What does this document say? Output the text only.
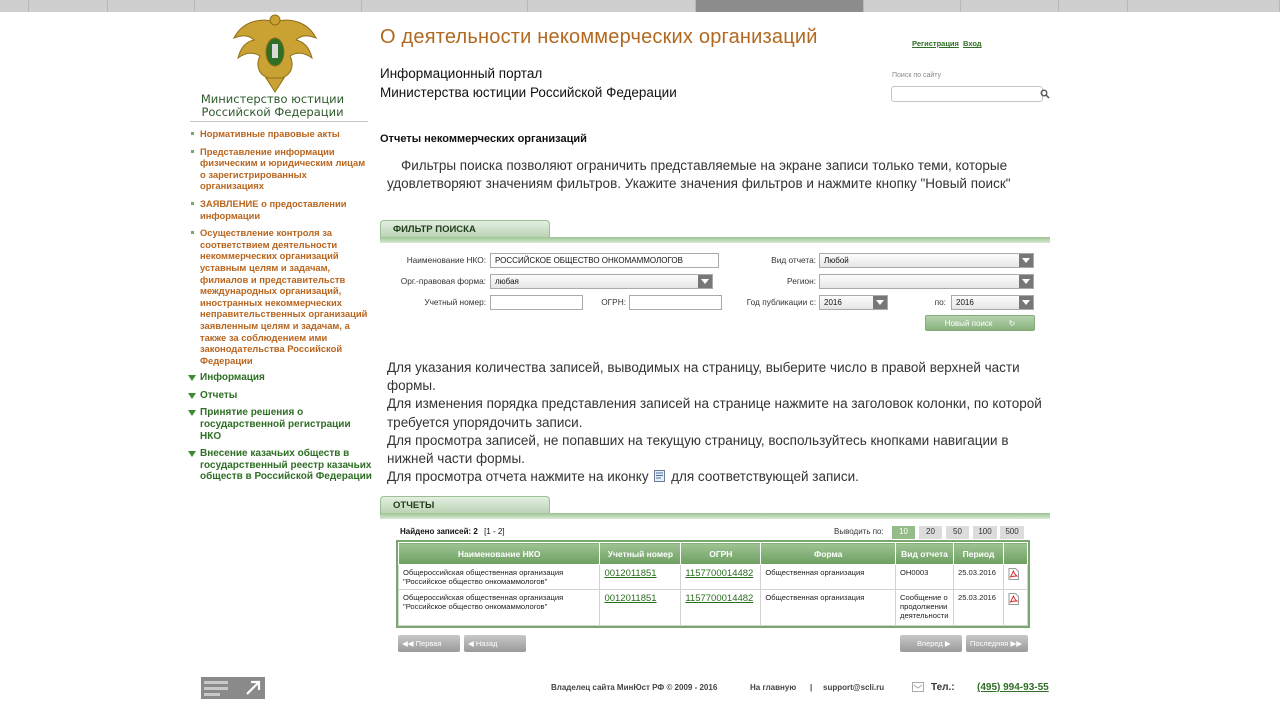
Министерство юстиции
Российской Федерации
Нормативные правовые акты
Представление информации физическим и юридическим лицам о зарегистрированных организациях
ЗАЯВЛЕНИЕ о предоставлении информации
Осуществление контроля за соответствием деятельности некоммерческих организаций уставным целям и задачам, филиалов и представительств международных организаций, иностранных некоммерческих неправительственных организаций заявленным целям и задачам, а также за соблюдением ими законодательства Российской Федерации
Информация
Отчеты
Принятие решения о государственной регистрации НКО
Внесение казачьих обществ в государственный реестр казачьих обществ в Российской Федерации
О деятельности некоммерческих организаций
Информационный портал
Министерства юстиции Российской Федерации
Регистрация Вход
Поиск по сайту
Отчеты некоммерческих организаций
Фильтры поиска позволяют ограничить представляемые на экране записи только теми, которые удовлетворяют значениям фильтров. Укажите значения фильтров и нажмите кнопку "Новый поиск"
ФИЛЬТР ПОИСКА
Наименование НКО:	РОССИЙСКОЕ ОБЩЕСТВО ОНКОМАММОЛОГОВ	Вид отчета:	Любой
Орг.-правовая форма:	любая	Регион:
Учетный номер:	ОГРН:	Год публикации с:	2016	по:	2016
Новый поиск ↻
Для указания количества записей, выводимых на страницу, выберите число в правой верхней части формы.
Для изменения порядка представления записей на странице нажмите на заголовок колонки, по которой требуется упорядочить записи.
Для просмотра записей, не попавших на текущую страницу, воспользуйтесь кнопками навигации в нижней части формы.
Для просмотра отчета нажмите на иконку для соответствующей записи.
ОТЧЕТЫ
Найдено записей: 2 [1 - 2]	Выводить по:	10	20	50	100	500
Наименование НКО	Учетный номер	ОГРН	Форма	Вид отчета	Период	
Общероссийская общественная организация "Российское общество онкомаммологов"	0012011851	1157700014482	Общественная организация	ОН0003	25.03.2016	
Общероссийская общественная организация "Российское общество онкомаммологов"	0012011851	1157700014482	Общественная организация	Сообщение о продолжении деятельности	25.03.2016	
◀◀ Первая	◀ Назад	Вперед ▶	Последняя ▶▶
Владелец сайта МинЮст РФ © 2009 - 2016	На главную | support@scli.ru	Тел.: (495) 994-93-55
